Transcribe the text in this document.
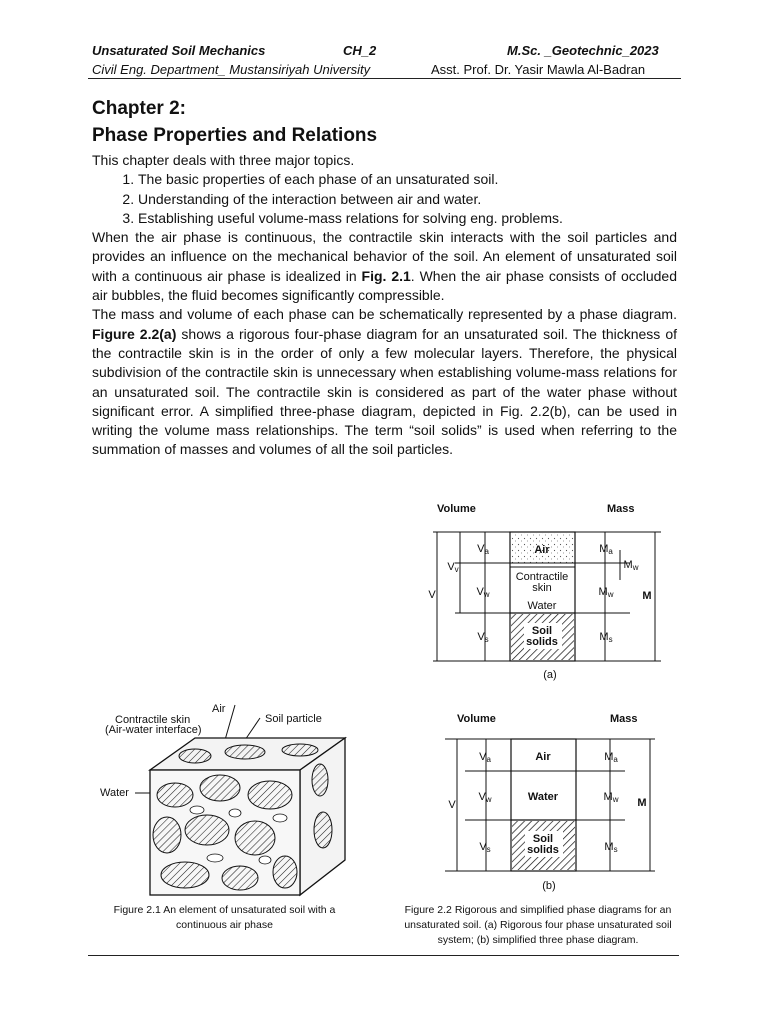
Unsaturated Soil Mechanics	CH_2	M.Sc. _Geotechnic_2023
Civil Eng. Department_ Mustansiriyah University	Asst. Prof. Dr. Yasir Mawla Al-Badran
Chapter 2:
Phase Properties and Relations

This chapter deals with three major topics.

1. The basic properties of each phase of an unsaturated soil.
2. Understanding of the interaction between air and water.
3. Establishing useful volume-mass relations for solving eng. problems.

When the air phase is continuous, the contractile skin interacts with the soil particles and provides an influence on the mechanical behavior of the soil. An element of unsaturated soil with a continuous air phase is idealized in Fig. 2.1. When the air phase consists of occluded air bubbles, the fluid becomes significantly compressible.

The mass and volume of each phase can be schematically represented by a phase diagram. Figure 2.2(a) shows a rigorous four-phase diagram for an unsaturated soil. The thickness of the contractile skin is in the order of only a few molecular layers. Therefore, the physical subdivision of the contractile skin is unnecessary when establishing volume-mass relations for an unsaturated soil. The contractile skin is considered as part of the water phase without significant error. A simplified three-phase diagram, depicted in Fig. 2.2(b), can be used in writing the volume mass relationships. The term “soil solids” is used when referring to the summation of masses and volumes of all the soil particles.

Volume	Mass
Air
Contractile
skin
Water
Soil
solids
V
Vv
Va
Vw
Vs
Ma
Mw
Ms
Mw
M
(a)
Air
Contractile skin
(Air-water interface)
Soil particle
Water
Volume	Mass
Air
Water
Soil
solids
V
Va
Vw
Vs
Ma
Mw
Ms
M
(b)
Figure 2.1 An element of unsaturated soil with a continuous air phase
Figure 2.2 Rigorous and simplified phase diagrams for an unsaturated soil. (a) Rigorous four phase unsaturated soil system; (b) simplified three phase diagram.
